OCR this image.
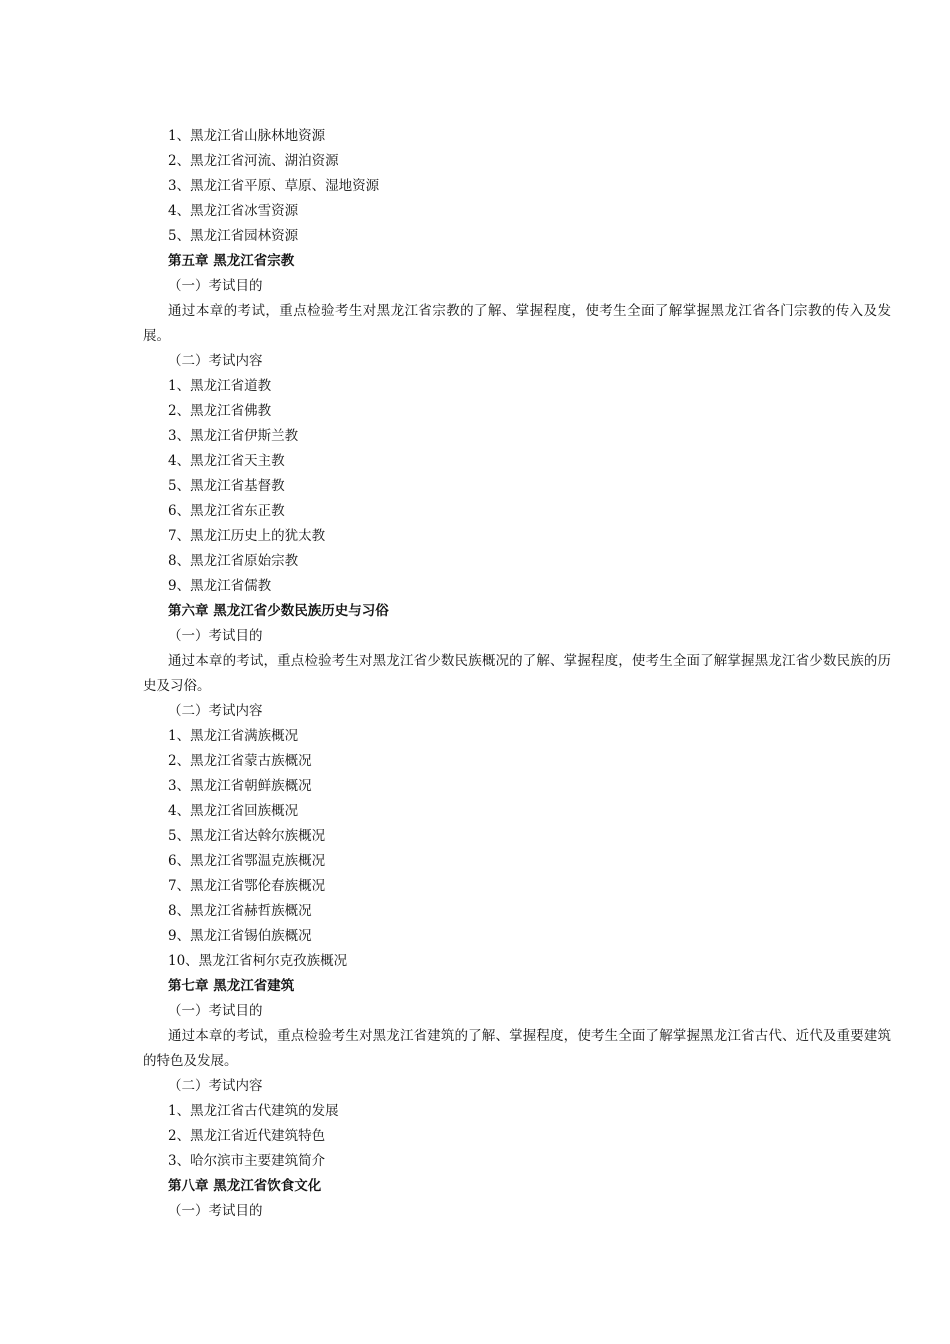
1、黑龙江省山脉林地资源
2、黑龙江省河流、湖泊资源
3、黑龙江省平原、草原、湿地资源
4、黑龙江省冰雪资源
5、黑龙江省园林资源
第五章 黑龙江省宗教
（一）考试目的
通过本章的考试，重点检验考生对黑龙江省宗教的了解、掌握程度，使考生全面了解掌握黑龙江省各门宗教的传入及发展。
（二）考试内容
1、黑龙江省道教
2、黑龙江省佛教
3、黑龙江省伊斯兰教
4、黑龙江省天主教
5、黑龙江省基督教
6、黑龙江省东正教
7、黑龙江历史上的犹太教
8、黑龙江省原始宗教
9、黑龙江省儒教
第六章 黑龙江省少数民族历史与习俗
（一）考试目的
通过本章的考试，重点检验考生对黑龙江省少数民族概况的了解、掌握程度，使考生全面了解掌握黑龙江省少数民族的历史及习俗。
（二）考试内容
1、黑龙江省满族概况
2、黑龙江省蒙古族概况
3、黑龙江省朝鲜族概况
4、黑龙江省回族概况
5、黑龙江省达斡尔族概况
6、黑龙江省鄂温克族概况
7、黑龙江省鄂伦春族概况
8、黑龙江省赫哲族概况
9、黑龙江省锡伯族概况
10、黑龙江省柯尔克孜族概况
第七章 黑龙江省建筑
（一）考试目的
通过本章的考试，重点检验考生对黑龙江省建筑的了解、掌握程度，使考生全面了解掌握黑龙江省古代、近代及重要建筑的特色及发展。
（二）考试内容
1、黑龙江省古代建筑的发展
2、黑龙江省近代建筑特色
3、哈尔滨市主要建筑简介
第八章 黑龙江省饮食文化
（一）考试目的
